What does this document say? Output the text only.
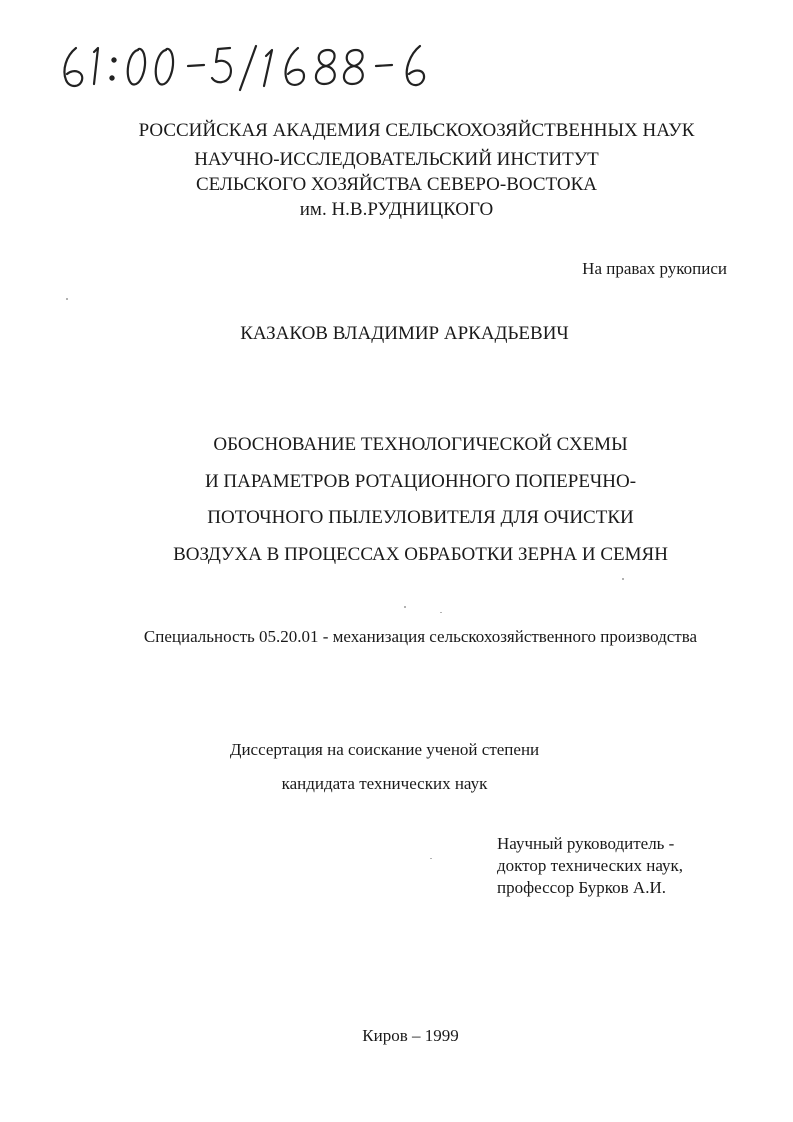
РОССИЙСКАЯ АКАДЕМИЯ СЕЛЬСКОХОЗЯЙСТВЕННЫХ НАУК
НАУЧНО-ИССЛЕДОВАТЕЛЬСКИЙ ИНСТИТУТ
СЕЛЬСКОГО ХОЗЯЙСТВА СЕВЕРО-ВОСТОКА
им. Н.В.РУДНИЦКОГО
На правах рукописи
КАЗАКОВ ВЛАДИМИР АРКАДЬЕВИЧ
ОБОСНОВАНИЕ ТЕХНОЛОГИЧЕСКОЙ СХЕМЫ
И ПАРАМЕТРОВ РОТАЦИОННОГО ПОПЕРЕЧНО-
ПОТОЧНОГО ПЫЛЕУЛОВИТЕЛЯ ДЛЯ ОЧИСТКИ
ВОЗДУХА В ПРОЦЕССАХ ОБРАБОТКИ ЗЕРНА И СЕМЯН
Специальность 05.20.01 - механизация сельскохозяйственного производства
Диссертация на соискание ученой степени
кандидата технических наук
Научный руководитель -
доктор технических наук,
профессор Бурков А.И.
Киров – 1999
